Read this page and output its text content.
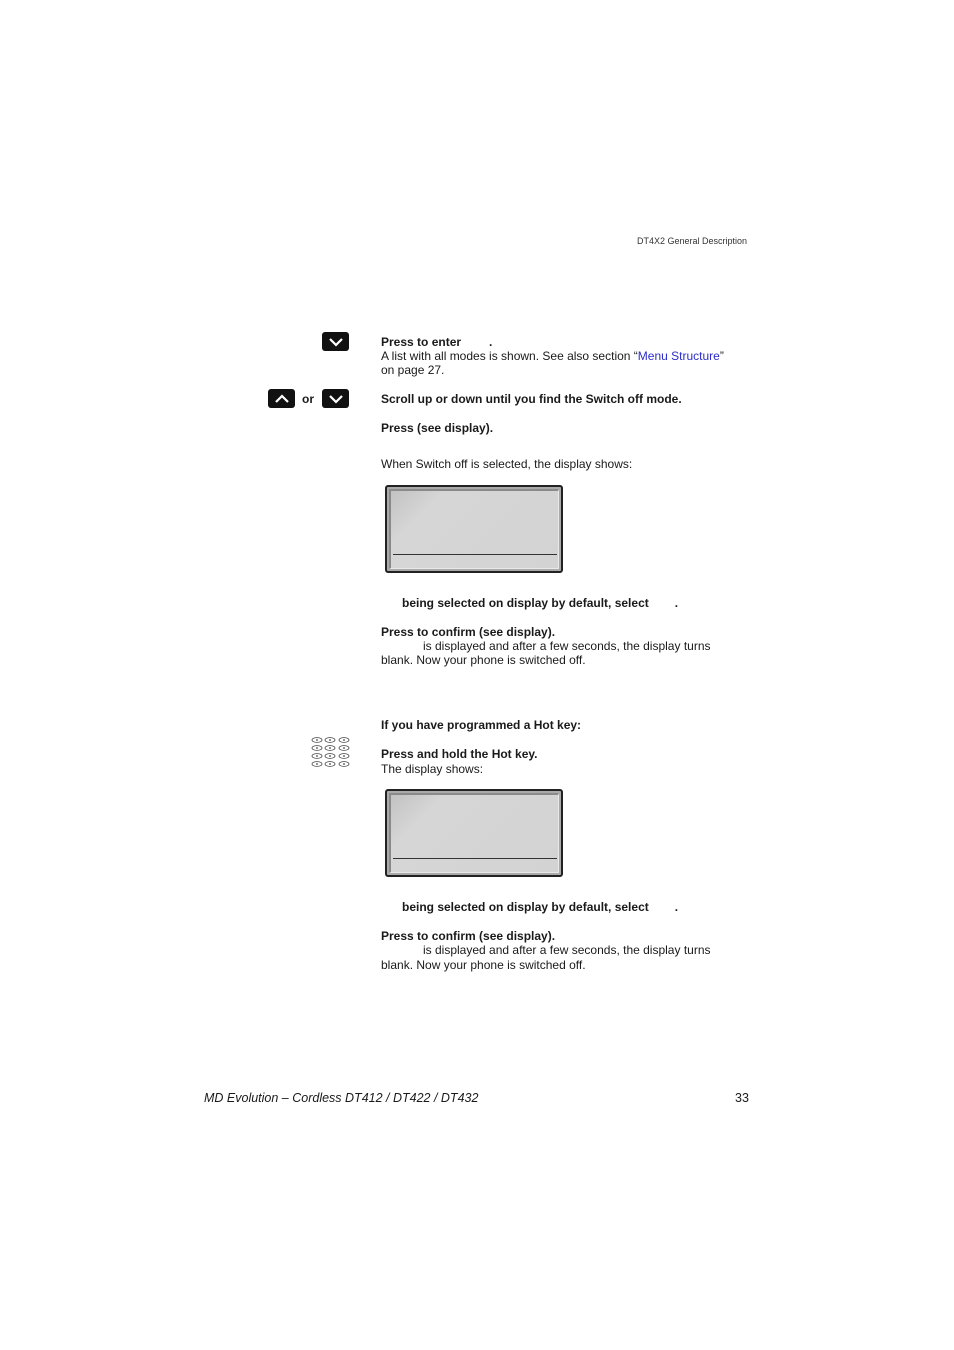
DT4X2 General Description
Press to enter .
A list with all modes is shown. See also section “Menu Structure”
on page 27.
or	Scroll up or down until you find the Switch off mode.
Press (see display).
When Switch off is selected, the display shows:
being selected on display by default, select .
Press to confirm (see display).
is displayed and after a few seconds, the display turns
blank. Now your phone is switched off.
If you have programmed a Hot key:
Press and hold the Hot key.
The display shows:
being selected on display by default, select .
Press to confirm (see display).
is displayed and after a few seconds, the display turns
blank. Now your phone is switched off.
MD Evolution – Cordless DT412 / DT422 / DT432	33
